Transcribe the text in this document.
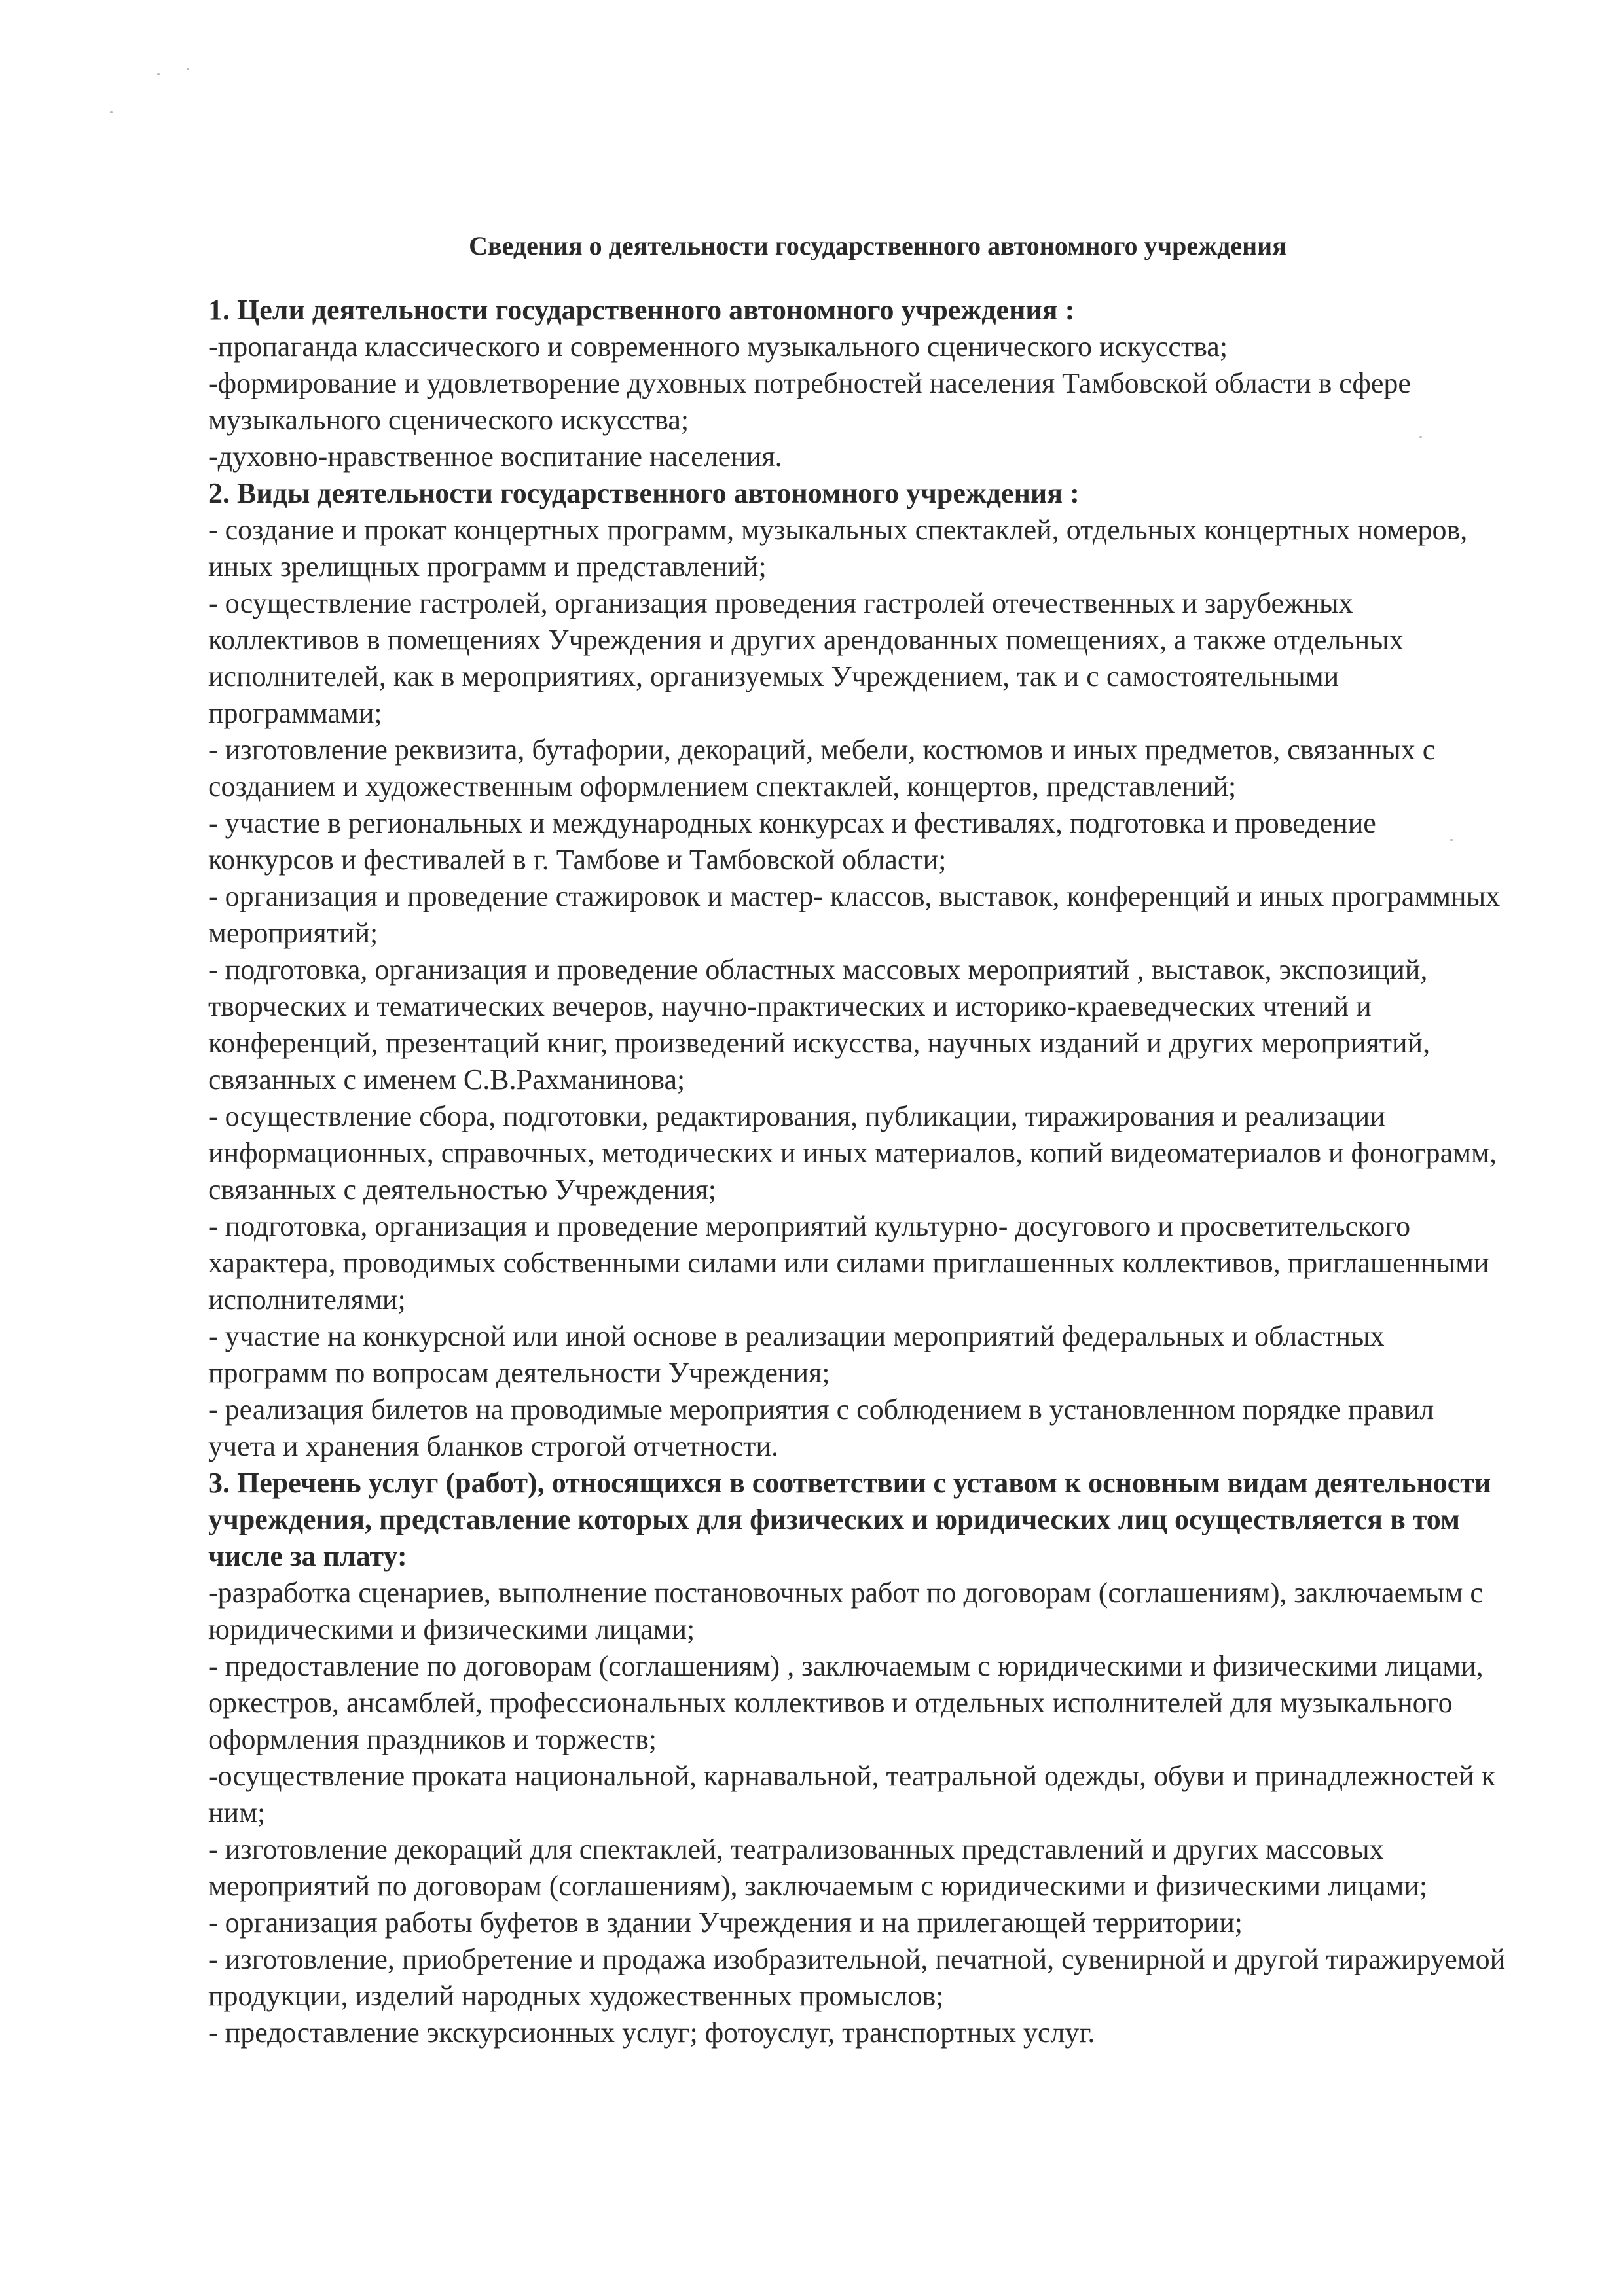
Сведения о деятельности государственного автономного учреждения

1. Цели деятельности государственного автономного учреждения :

-пропаганда классического и современного музыкального сценического искусства;

-формирование и удовлетворение духовных потребностей населения Тамбовской области в сфере музыкального сценического искусства;

-духовно-нравственное воспитание населения.

2. Виды деятельности государственного автономного учреждения :

- создание и прокат концертных программ, музыкальных спектаклей, отдельных концертных номеров, иных зрелищных программ и представлений;

- осуществление гастролей, организация проведения гастролей отечественных и зарубежных коллективов в помещениях Учреждения и других арендованных помещениях, а также отдельных исполнителей, как в мероприятиях, организуемых Учреждением, так и с самостоятельными программами;

- изготовление реквизита, бутафории, декораций, мебели, костюмов и иных предметов, связанных с созданием и художественным оформлением спектаклей, концертов, представлений;

- участие в региональных и международных конкурсах и фестивалях, подготовка и проведение конкурсов и фестивалей в г. Тамбове и Тамбовской области;

- организация и проведение стажировок и мастер- классов, выставок, конференций и иных программных мероприятий;

- подготовка, организация и проведение областных массовых мероприятий , выставок, экспозиций, творческих и тематических вечеров, научно-практических и историко-краеведческих чтений и конференций, презентаций книг, произведений искусства, научных изданий и других мероприятий, связанных с именем С.В.Рахманинова;

- осуществление сбора, подготовки, редактирования, публикации, тиражирования и реализации информационных, справочных, методических и иных материалов, копий видеоматериалов и фонограмм, связанных с деятельностью Учреждения;

- подготовка, организация и проведение мероприятий культурно- досугового и просветительского характера, проводимых собственными силами или силами приглашенных коллективов, приглашенными исполнителями;

- участие на конкурсной или иной основе в реализации мероприятий федеральных и областных программ по вопросам деятельности Учреждения;

- реализация билетов на проводимые мероприятия с соблюдением в установленном порядке правил учета и хранения бланков строгой отчетности.

3. Перечень услуг (работ), относящихся в соответствии с уставом к основным видам деятельности учреждения, представление которых для физических и юридических лиц осуществляется в том числе за плату:

-разработка сценариев, выполнение постановочных работ по договорам (соглашениям), заключаемым с юридическими и физическими лицами;

- предоставление по договорам (соглашениям) , заключаемым с юридическими и физическими лицами, оркестров, ансамблей, профессиональных коллективов и отдельных исполнителей для музыкального оформления праздников и торжеств;

-осуществление проката национальной, карнавальной, театральной одежды, обуви и принадлежностей к ним;

- изготовление декораций для спектаклей, театрализованных представлений и других массовых мероприятий по договорам (соглашениям), заключаемым с юридическими и физическими лицами;

- организация работы буфетов в здании Учреждения и на прилегающей территории;

- изготовление, приобретение и продажа изобразительной, печатной, сувенирной и другой тиражируемой продукции, изделий народных художественных промыслов;

- предоставление экскурсионных услуг; фотоуслуг, транспортных услуг.
